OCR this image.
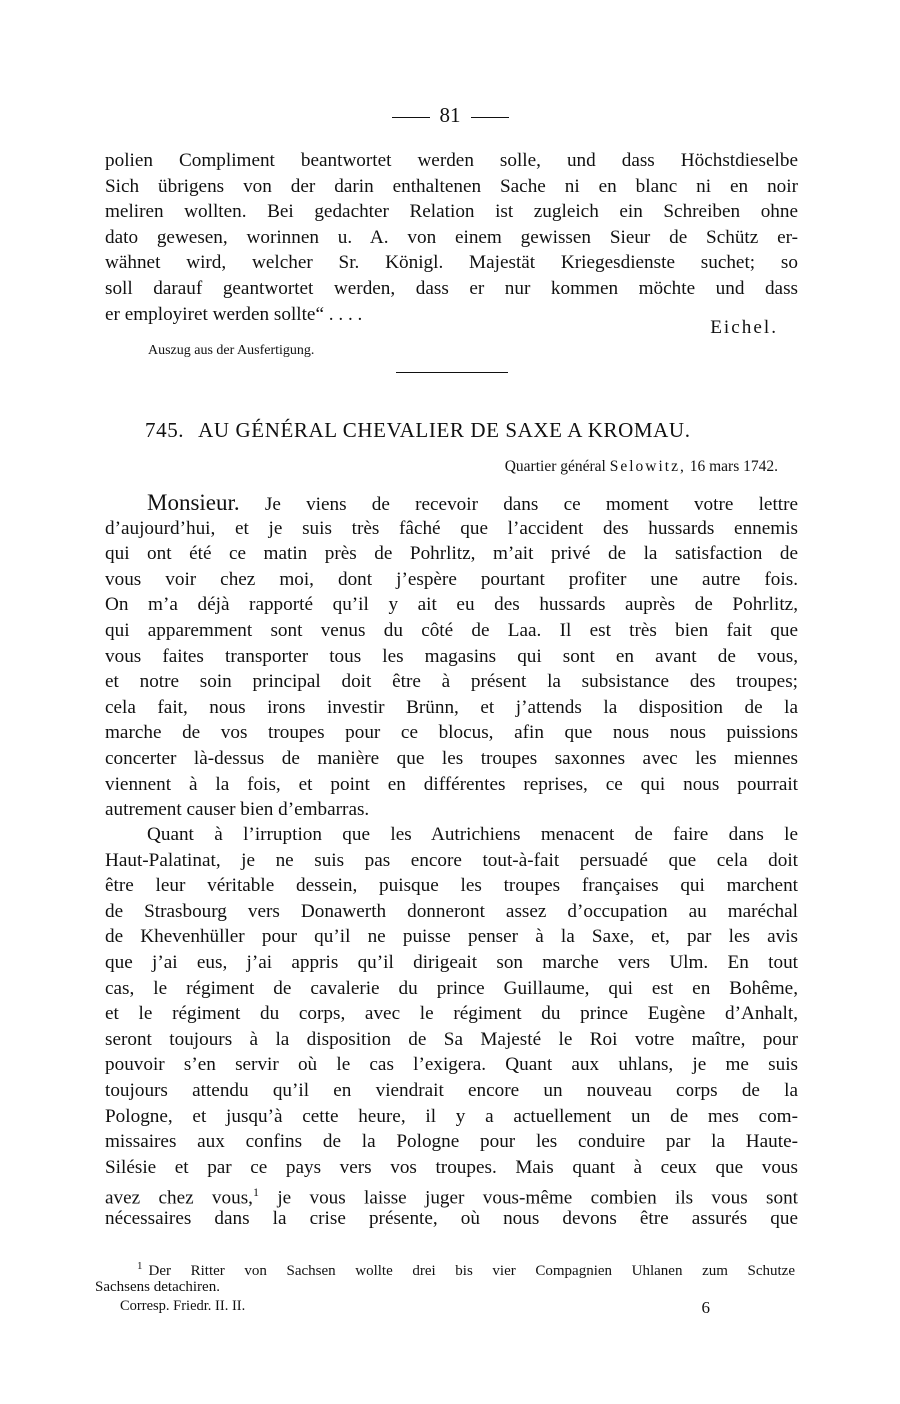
81
polien Compliment beantwortet werden solle, und dass Höchstdieselbe
Sich übrigens von der darin enthaltenen Sache ni en blanc ni en noir
meliren wollten. Bei gedachter Relation ist zugleich ein Schreiben ohne
dato gewesen, worinnen u. A. von einem gewissen Sieur de Schütz er-
wähnet wird, welcher Sr. Königl. Majestät Kriegesdienste suchet; so
soll darauf geantwortet werden, dass er nur kommen möchte und dass
er employiret werden sollte“ . . . .
Eichel.
Auszug aus der Ausfertigung.
745. AU GÉNÉRAL CHEVALIER DE SAXE A KROMAU.
Quartier général Selowitz, 16 mars 1742.
Monsieur. Je viens de recevoir dans ce moment votre lettre
d’aujourd’hui, et je suis très fâché que l’accident des hussards ennemis
qui ont été ce matin près de Pohrlitz, m’ait privé de la satisfaction de
vous voir chez moi, dont j’espère pourtant profiter une autre fois.
On m’a déjà rapporté qu’il y ait eu des hussards auprès de Pohrlitz,
qui apparemment sont venus du côté de Laa. Il est très bien fait que
vous faites transporter tous les magasins qui sont en avant de vous,
et notre soin principal doit être à présent la subsistance des troupes;
cela fait, nous irons investir Brünn, et j’attends la disposition de la
marche de vos troupes pour ce blocus, afin que nous nous puissions
concerter là-dessus de manière que les troupes saxonnes avec les miennes
viennent à la fois, et point en différentes reprises, ce qui nous pourrait
autrement causer bien d’embarras.
Quant à l’irruption que les Autrichiens menacent de faire dans le
Haut-Palatinat, je ne suis pas encore tout-à-fait persuadé que cela doit
être leur véritable dessein, puisque les troupes françaises qui marchent
de Strasbourg vers Donawerth donneront assez d’occupation au maréchal
de Khevenhüller pour qu’il ne puisse penser à la Saxe, et, par les avis
que j’ai eus, j’ai appris qu’il dirigeait son marche vers Ulm. En tout
cas, le régiment de cavalerie du prince Guillaume, qui est en Bohême,
et le régiment du corps, avec le régiment du prince Eugène d’Anhalt,
seront toujours à la disposition de Sa Majesté le Roi votre maître, pour
pouvoir s’en servir où le cas l’exigera. Quant aux uhlans, je me suis
toujours attendu qu’il en viendrait encore un nouveau corps de la
Pologne, et jusqu’à cette heure, il y a actuellement un de mes com-
missaires aux confins de la Pologne pour les conduire par la Haute-
Silésie et par ce pays vers vos troupes. Mais quant à ceux que vous
avez chez vous,$^1$ je vous laisse juger vous-même combien ils vous sont
nécessaires dans la crise présente, où nous devons être assurés que
$^1$ Der Ritter von Sachsen wollte drei bis vier Compagnien Uhlanen zum Schutze
Sachsens detachiren.
Corresp. Friedr. II. II.	6
